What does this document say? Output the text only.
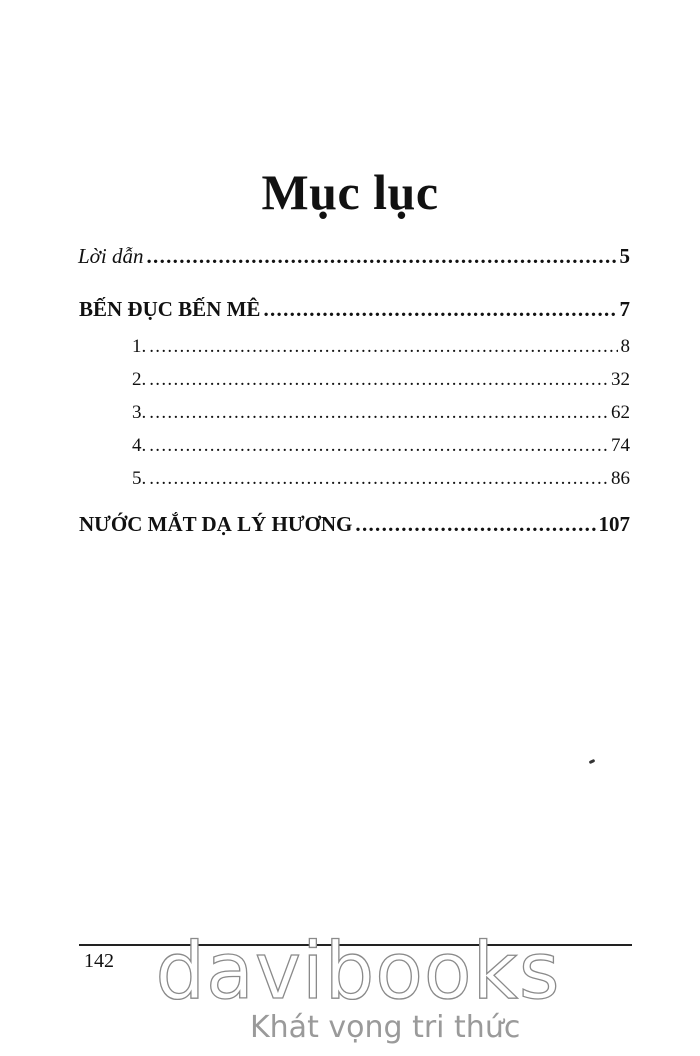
Mục lục
Lời dẫn .....	5
BẾN ĐỤC BẾN MÊ .....	7
1. .....	8
2. .....	32
3. .....	62
4. .....	74
5. .....	86
NƯỚC MẮT DẠ LÝ HƯƠNG .....	107
142 davibooks
Khát vọng tri thức
